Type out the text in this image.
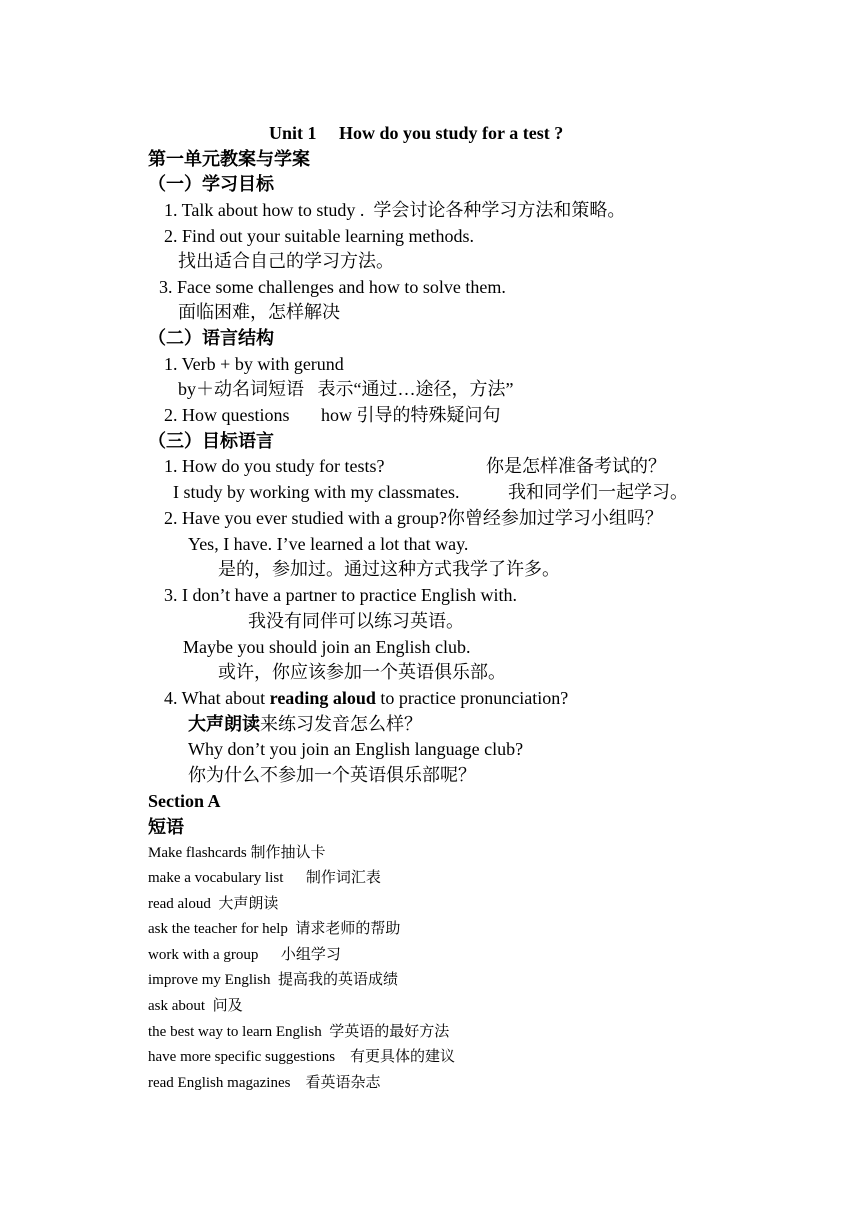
Unit 1     How do you study for a test ?
第一单元教案与学案
（一）学习目标
1. Talk about how to study .  学会讨论各种学习方法和策略。
2. Find out your suitable learning methods.
找出适合自己的学习方法。
3. Face some challenges and how to solve them.
面临困难，怎样解决
（二）语言结构
1. Verb + by with gerund
by＋动名词短语   表示“通过…途径，方法”
2. How questions       how 引导的特殊疑问句
（三）目标语言
1. How do you study for tests?	你是怎样准备考试的？
I study by working with my classmates.	我和同学们一起学习。
2. Have you ever studied with a group?你曾经参加过学习小组吗？
Yes, I have. I’ve learned a lot that way.
是的，参加过。通过这种方式我学了许多。
3. I don’t have a partner to practice English with.
我没有同伴可以练习英语。
Maybe you should join an English club.
或许，你应该参加一个英语俱乐部。
4. What about reading aloud to practice pronunciation?
大声朗读来练习发音怎么样？
Why don’t you join an English language club?
你为什么不参加一个英语俱乐部呢？
Section A
短语
Make flashcards 制作抽认卡
make a vocabulary list      制作词汇表
read aloud  大声朗读
ask the teacher for help  请求老师的帮助
work with a group      小组学习
improve my English  提高我的英语成绩
ask about  问及
the best way to learn English  学英语的最好方法
have more specific suggestions    有更具体的建议
read English magazines    看英语杂志
